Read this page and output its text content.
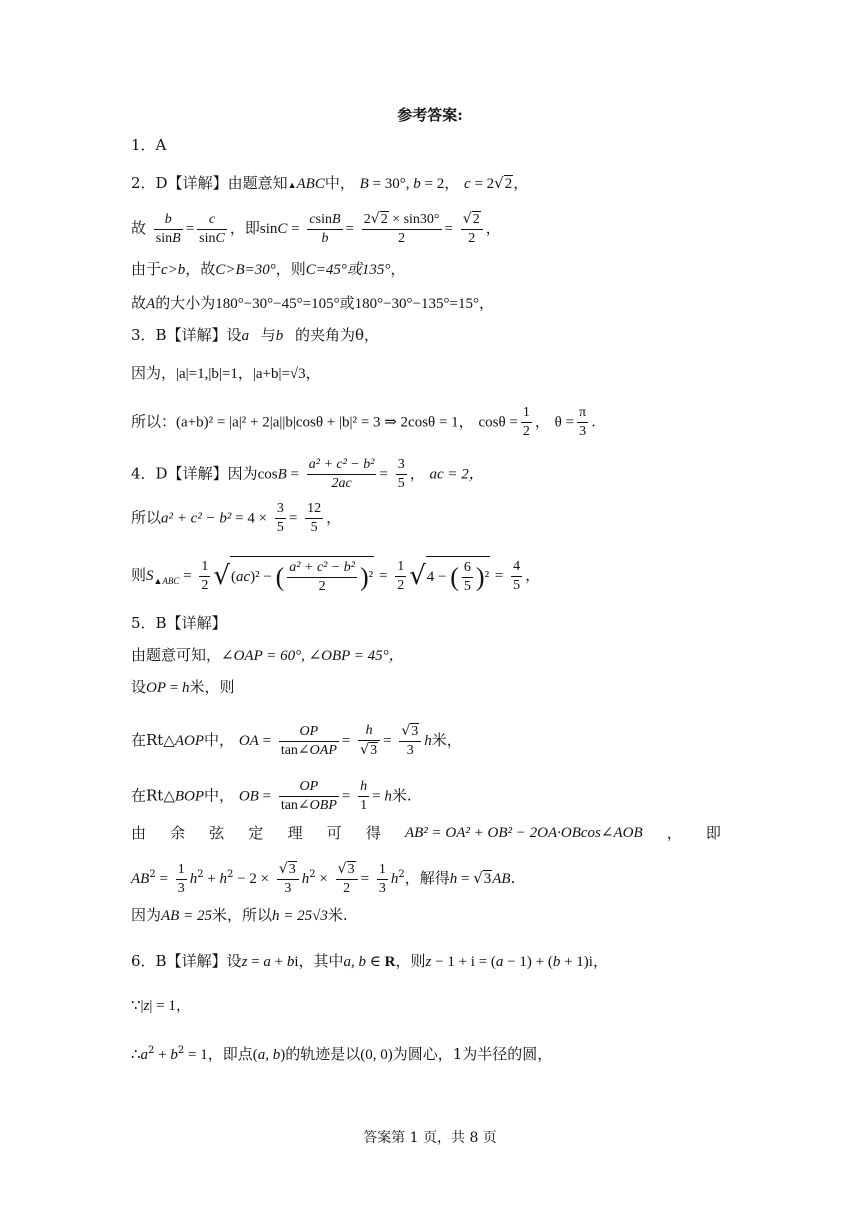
参考答案:
1．A
2．D【详解】由题意知▲ABC中， B = 30°, b = 2， c = 2√2，
故 $\frac{b}{\sin B} = \frac{c}{\sin C}$ ，即$\sin C = \frac{csinB}{b} = \frac{2√2 \times \sin 30^\circ}{2} = \frac{√2}{2}$ ，
由于c>b，故C>B=30°，则C=45°或135°，
故A的大小为180°−30°−45°=105°或180°−30°−135°=15°，
3．B【详解】设a⃗与b⃗的夹角为θ，
因为，|a|=1,|b|=1，|a+b|=√3，
所以：(a+b)² = |a|² + 2|a||b|cosθ + |b|² = 3 ⇒ 2cosθ = 1， $\cos\theta = \frac{1}{2}$ ， $\theta = \frac{\pi}{3}$ .
4．D【详解】因为$\cos B = \frac{\text{a² + c² − b²}}{2ac} = \frac{3}{5}$ ， ac = 2，
所以$a^2 + c^2 - b^2 = 4 \times \frac{3}{5} = \frac{12}{5}$ ，
则$S_{▲ABC} = \frac{1}{2} √(ac)^2$ − ( $\frac{\text{a² + c² − b²}}{2} )^2 = \frac{1}{2} √4$ − ( $\frac{6}{5} )^2 = \frac{4}{5}$ ，
5．B【详解】
由题意可知，∠OAP = 60°, ∠OBP = 45°，
设OP = h米，则
在Rt△AOP中， OA = $\frac{OP}{\text{tan∠OAP}} = \frac{h}{√3} = \frac{√3}{3}$ h米，
在Rt△BOP中， OB = $\frac{OP}{\text{tan∠OBP}} = \frac{h}{1} = h$米.
由 余 弦 定 理 可 得 AB² = OA² + OB² − 2OA·OBcos∠AOB ， 即
$AB^2 = \frac{1}{3} h^2 + h^2 - 2 \times \frac{√3}{3} h^2 \times \frac{√3}{2} = \frac{1}{3} h^2$，解得h = √3AB.
因为AB = 25米，所以h = 25√3米.
6．B【详解】设z = a + bi，其中a, b ∈ R，则z − 1 + i = (a − 1) + (b + 1)i，
∵|z| = 1，
$\therefore a^2 + b^2 = 1$，即点(a, b)的轨迹是以(0, 0)为圆心，1为半径的圆，
答案第 1 页，共 8 页
